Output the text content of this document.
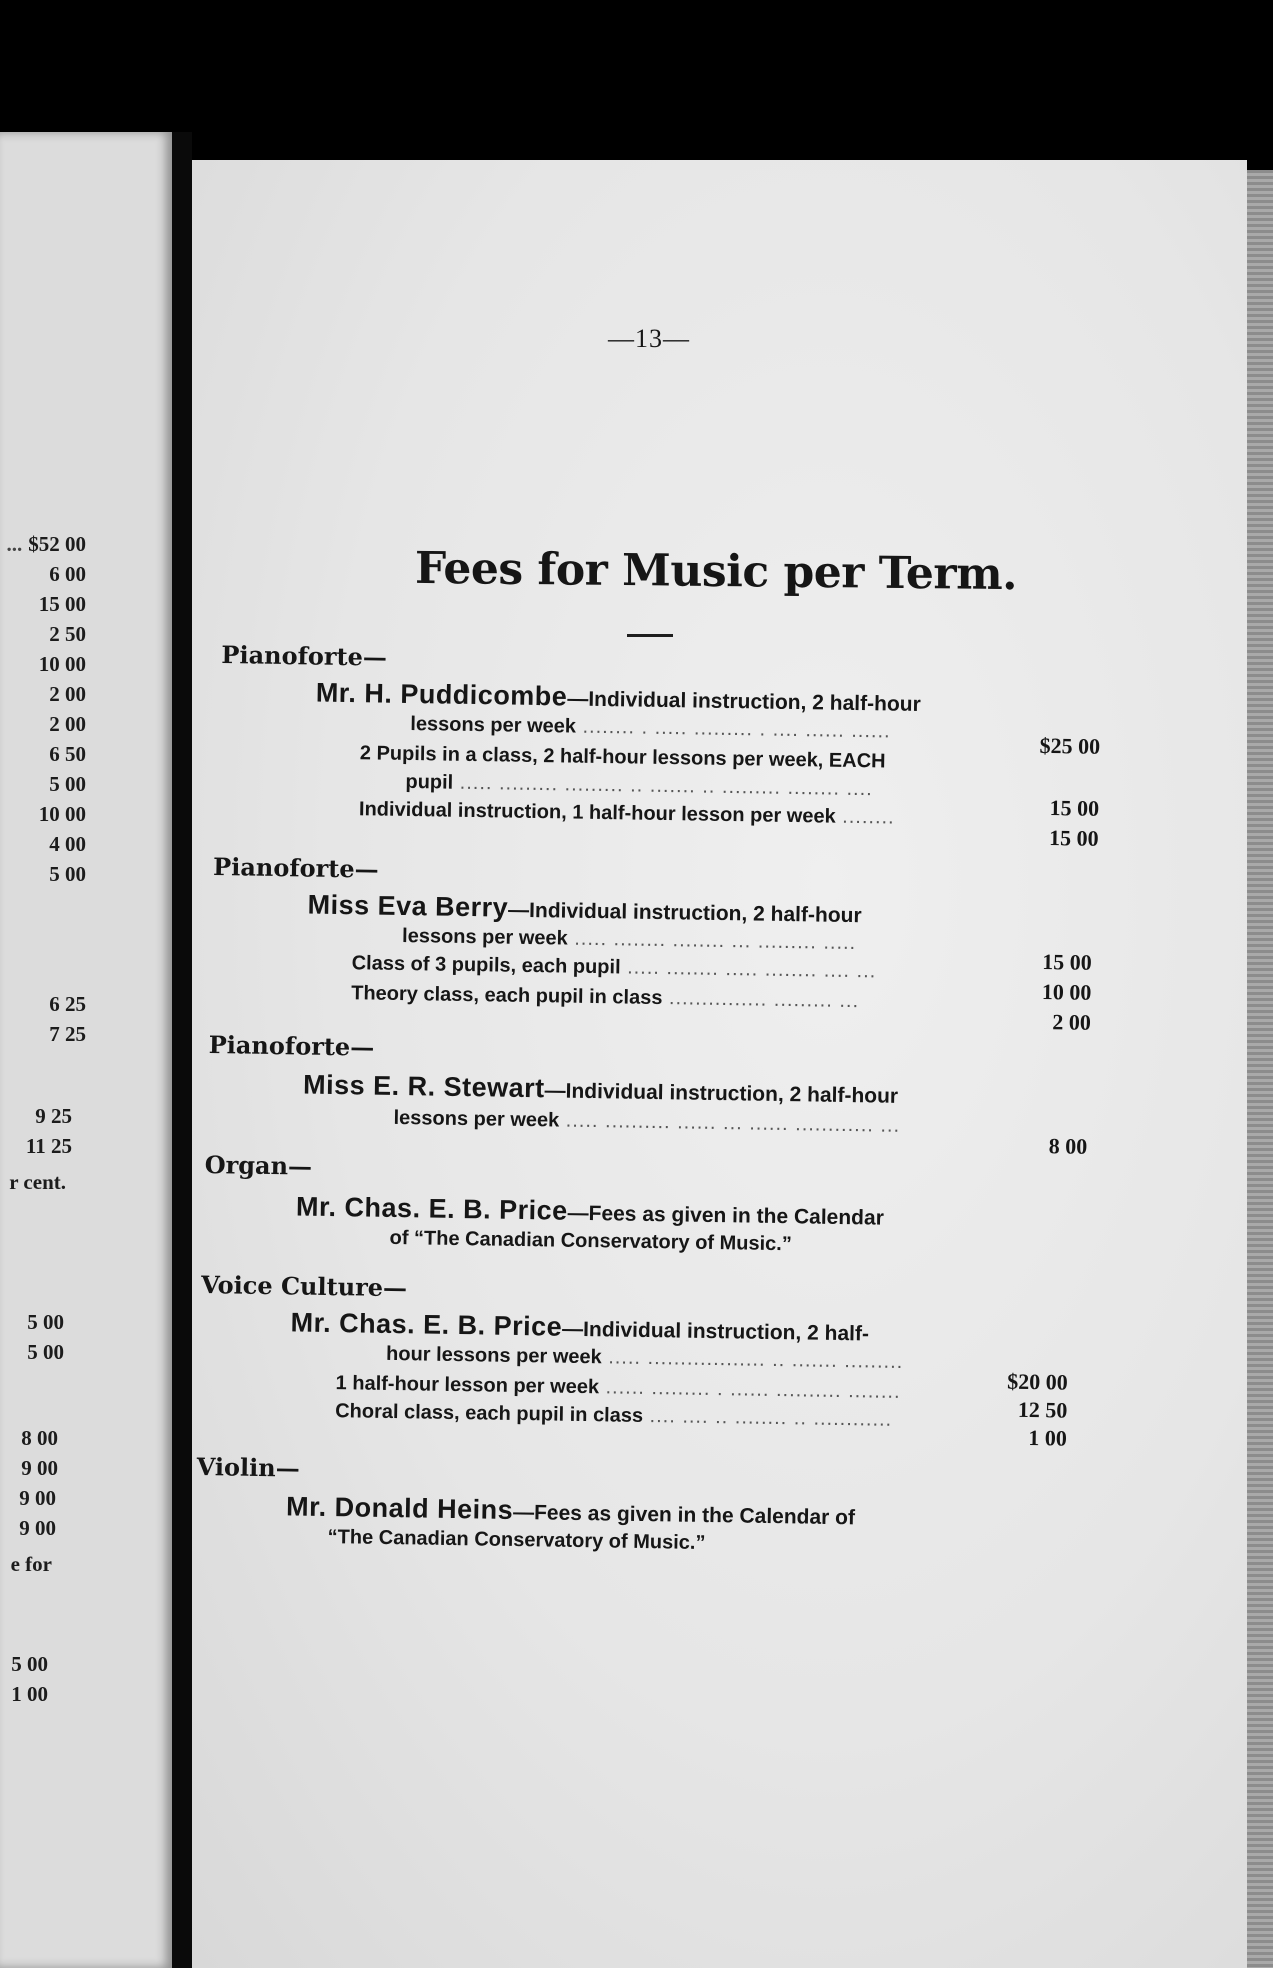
... $52 00
6 00
15 00
2 50
10 00
2 00
2 00
6 50
5 00
10 00
4 00
5 00
6 25
7 25
9 25
11 25
r cent.
5 00
5 00
8 00
9 00
9 00
9 00
e for
5 00
1 00
—13—
Fees for Music per Term.
Pianoforte—
Mr. H. Puddicombe—Individual instruction, 2 half-hour
lessons per week ........ . ..... ......... . .... ...... ......
$25 00
2 Pupils in a class, 2 half-hour lessons per week, EACH
pupil ..... ......... ......... .. ....... .. ......... ........ ....
15 00
Individual instruction, 1 half-hour lesson per week ........
15 00
Pianoforte—
Miss Eva Berry—Individual instruction, 2 half-hour
lessons per week ..... ........ ........ ... ......... .....
15 00
Class of 3 pupils, each pupil ..... ........ ..... ........ .... ...
10 00
Theory class, each pupil in class ............... ......... ...
2 00
Pianoforte—
Miss E. R. Stewart—Individual instruction, 2 half-hour
lessons per week ..... .......... ...... ... ...... ............ ...
8 00
Organ—
Mr. Chas. E. B. Price—Fees as given in the Calendar
of “The Canadian Conservatory of Music.”
Voice Culture—
Mr. Chas. E. B. Price—Individual instruction, 2 half-
hour lessons per week ..... .................. .. ....... .........
$20 00
1 half-hour lesson per week ...... ......... . ...... .......... ........
12 50
Choral class, each pupil in class .... .... .. ........ .. ............
1 00
Violin—
Mr. Donald Heins—Fees as given in the Calendar of
“The Canadian Conservatory of Music.”
